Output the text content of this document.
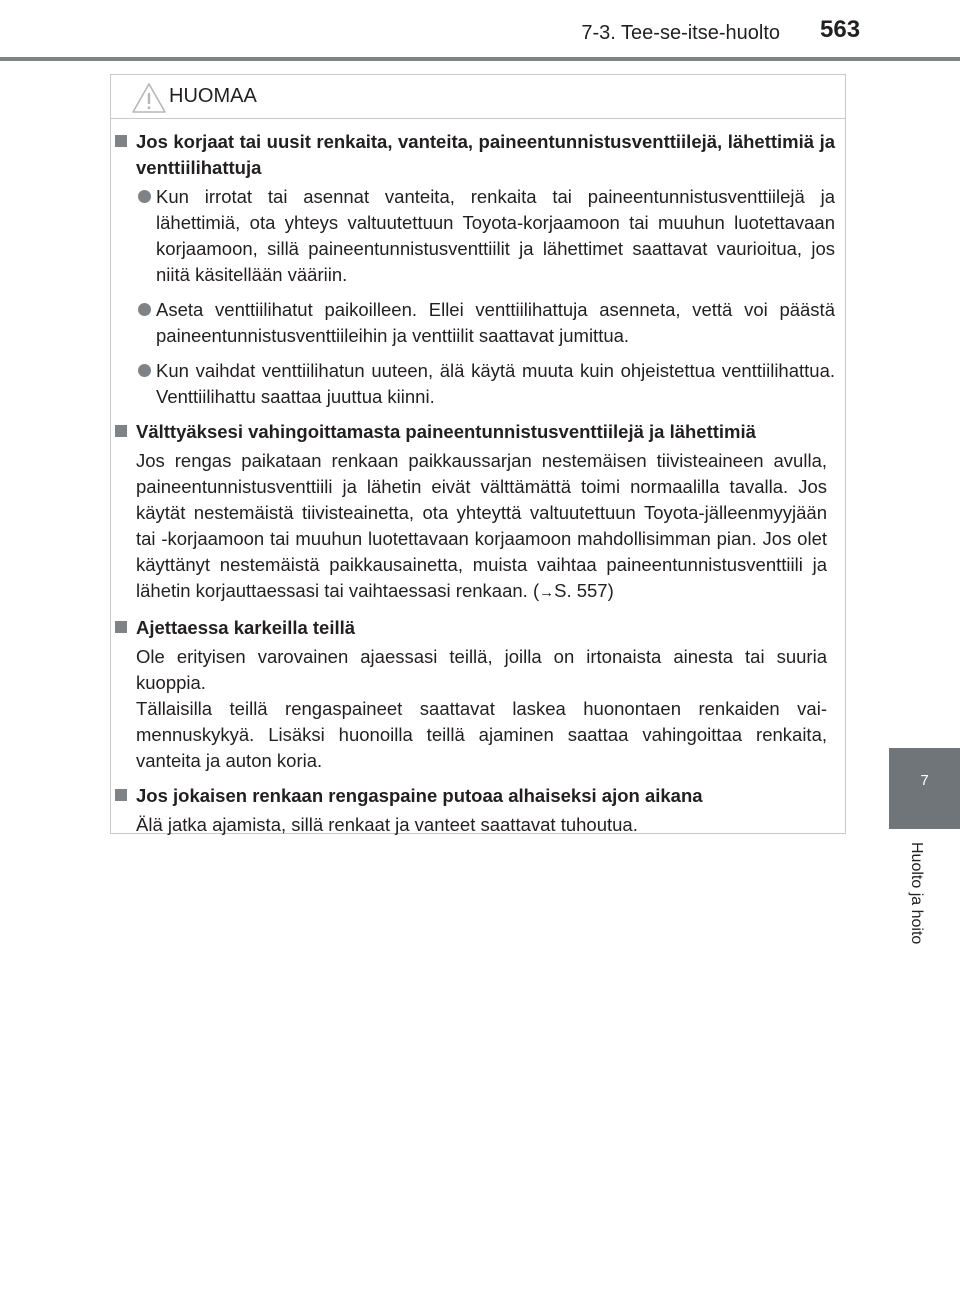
7-3. Tee-se-itse-huolto 563
7
Huolto ja hoito
HUOMAA
Jos korjaat tai uusit renkaita, vanteita, paineentunnistusventtiilejä, lähettimiä ja venttiilihattuja
Kun irrotat tai asennat vanteita, renkaita tai paineentunnistusventtiilejä ja lähettimiä, ota yhteys valtuutettuun Toyota-korjaamoon tai muuhun luotettavaan korjaamoon, sillä paineentunnistusventtiilit ja lähettimet saattavat vaurioitua, jos niitä käsitellään vääriin.
Aseta venttiilihatut paikoilleen. Ellei venttiilihattuja asenneta, vettä voi päästä paineentunnistusventtiileihin ja venttiilit saattavat jumittua.
Kun vaihdat venttiilihatun uuteen, älä käytä muuta kuin ohjeistettua venttiilihattua. Venttiilihattu saattaa juuttua kiinni.
Välttyäksesi vahingoittamasta paineentunnistusventtiilejä ja lähettimiä
Jos rengas paikataan renkaan paikkaussarjan nestemäisen tiivisteaineen avulla, paineentunnistusventtiili ja lähetin eivät välttämättä toimi normaalilla tavalla. Jos käytät nestemäistä tiivisteainetta, ota yhteyttä valtuutettuun Toyota-jälleenmyyjään tai -korjaamoon tai muuhun luotettavaan korjaamoon mahdollisimman pian. Jos olet käyttänyt nestemäistä paikkausainetta, muista vaihtaa paineentunnistusventtiili ja lähetin korjauttaessasi tai vaihtaessasi renkaan. (→S. 557)
Ajettaessa karkeilla teillä
Ole erityisen varovainen ajaessasi teillä, joilla on irtonaista ainesta tai suuria kuoppia.
Tällaisilla teillä rengaspaineet saattavat laskea huonontaen renkaiden vaimennuskykyä. Lisäksi huonoilla teillä ajaminen saattaa vahingoittaa renkaita, vanteita ja auton koria.
Jos jokaisen renkaan rengaspaine putoaa alhaiseksi ajon aikana
Älä jatka ajamista, sillä renkaat ja vanteet saattavat tuhoutua.
